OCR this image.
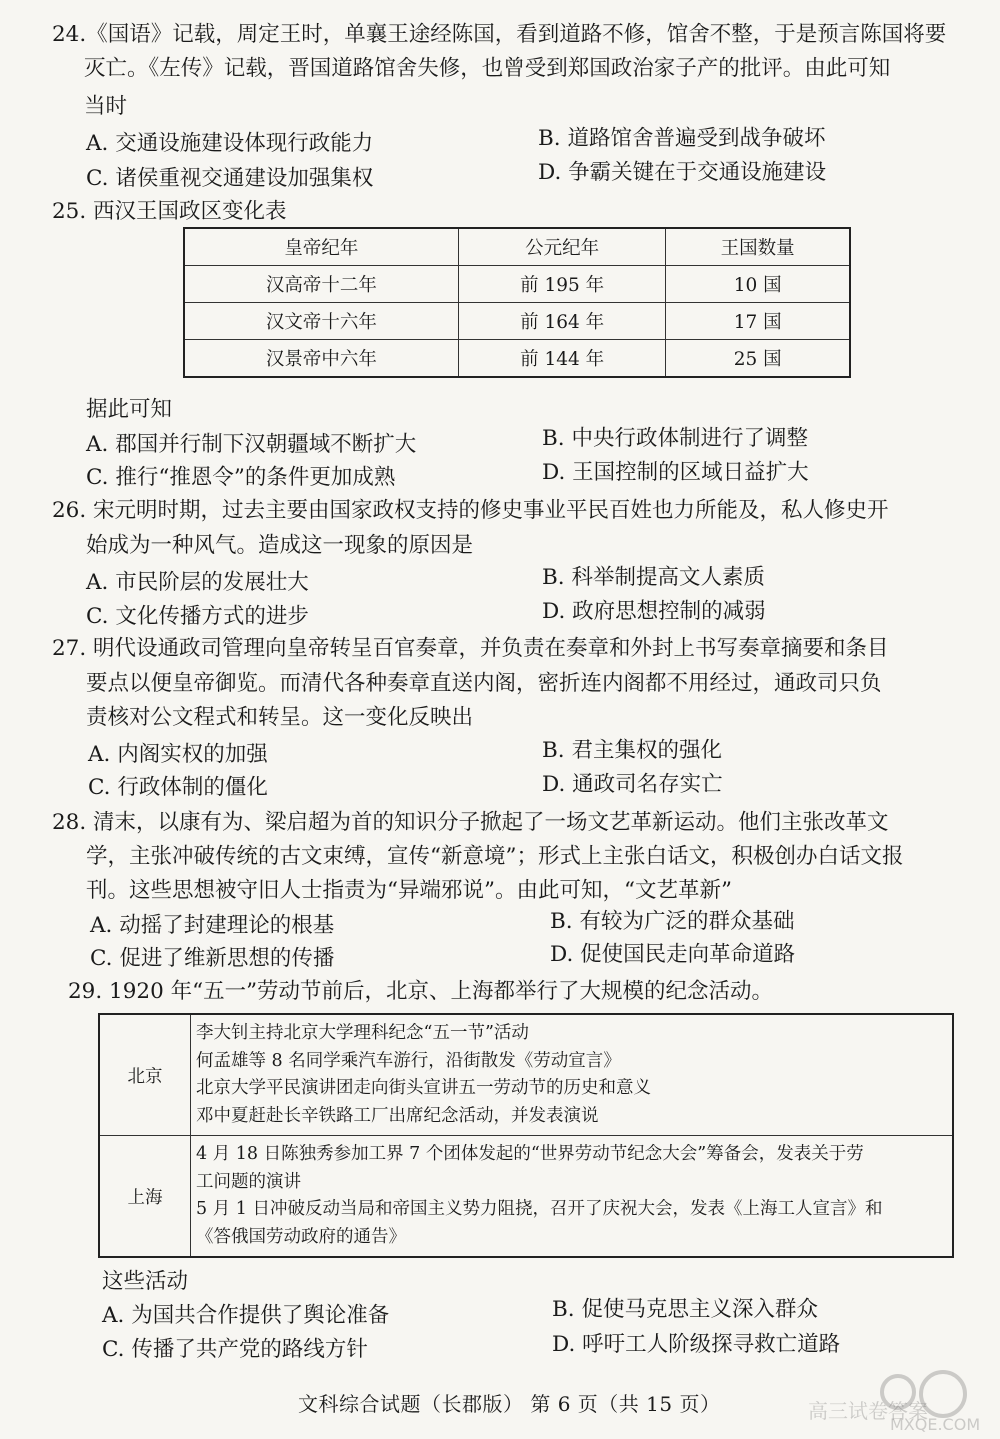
24.《国语》记载，周定王时，单襄王途经陈国，看到道路不修，馆舍不整，于是预言陈国将要
灭亡。《左传》记载，晋国道路馆舍失修，也曾受到郑国政治家子产的批评。由此可知
当时
A. 交通设施建设体现行政能力	B. 道路馆舍普遍受到战争破坏
C. 诸侯重视交通建设加强集权	D. 争霸关键在于交通设施建设
25. 西汉王国政区变化表
皇帝纪年	公元纪年	王国数量
汉高帝十二年	前 195 年	10 国
汉文帝十六年	前 164 年	17 国
汉景帝中六年	前 144 年	25 国
据此可知
A. 郡国并行制下汉朝疆域不断扩大	B. 中央行政体制进行了调整
C. 推行“推恩令”的条件更加成熟	D. 王国控制的区域日益扩大
26. 宋元明时期，过去主要由国家政权支持的修史事业平民百姓也力所能及，私人修史开
始成为一种风气。造成这一现象的原因是
A. 市民阶层的发展壮大	B. 科举制提高文人素质
C. 文化传播方式的进步	D. 政府思想控制的减弱
27. 明代设通政司管理向皇帝转呈百官奏章，并负责在奏章和外封上书写奏章摘要和条目
要点以便皇帝御览。而清代各种奏章直送内阁，密折连内阁都不用经过，通政司只负
责核对公文程式和转呈。这一变化反映出
A. 内阁实权的加强	B. 君主集权的强化
C. 行政体制的僵化	D. 通政司名存实亡
28. 清末，以康有为、梁启超为首的知识分子掀起了一场文艺革新运动。他们主张改革文
学，主张冲破传统的古文束缚，宣传“新意境”；形式上主张白话文，积极创办白话文报
刊。这些思想被守旧人士指责为“异端邪说”。由此可知，“文艺革新”
A. 动摇了封建理论的根基	B. 有较为广泛的群众基础
C. 促进了维新思想的传播	D. 促使国民走向革命道路
29. 1920 年“五一”劳动节前后，北京、上海都举行了大规模的纪念活动。
北京	李大钊主持北京大学理科纪念“五一节”活动
何孟雄等 8 名同学乘汽车游行，沿街散发《劳动宣言》
北京大学平民演讲团走向街头宣讲五一劳动节的历史和意义
邓中夏赶赴长辛铁路工厂出席纪念活动，并发表演说

上海	4 月 18 日陈独秀参加工界 7 个团体发起的“世界劳动节纪念大会”筹备会，发表关于劳
工问题的演讲
5 月 1 日冲破反动当局和帝国主义势力阻挠，召开了庆祝大会，发表《上海工人宣言》和
《答俄国劳动政府的通告》
这些活动
A. 为国共合作提供了舆论准备	B. 促使马克思主义深入群众
C. 传播了共产党的路线方针	D. 呼吁工人阶级探寻救亡道路
文科综合试题（长郡版） 第 6 页（共 15 页）	高三试卷答案
MXQE.COM
